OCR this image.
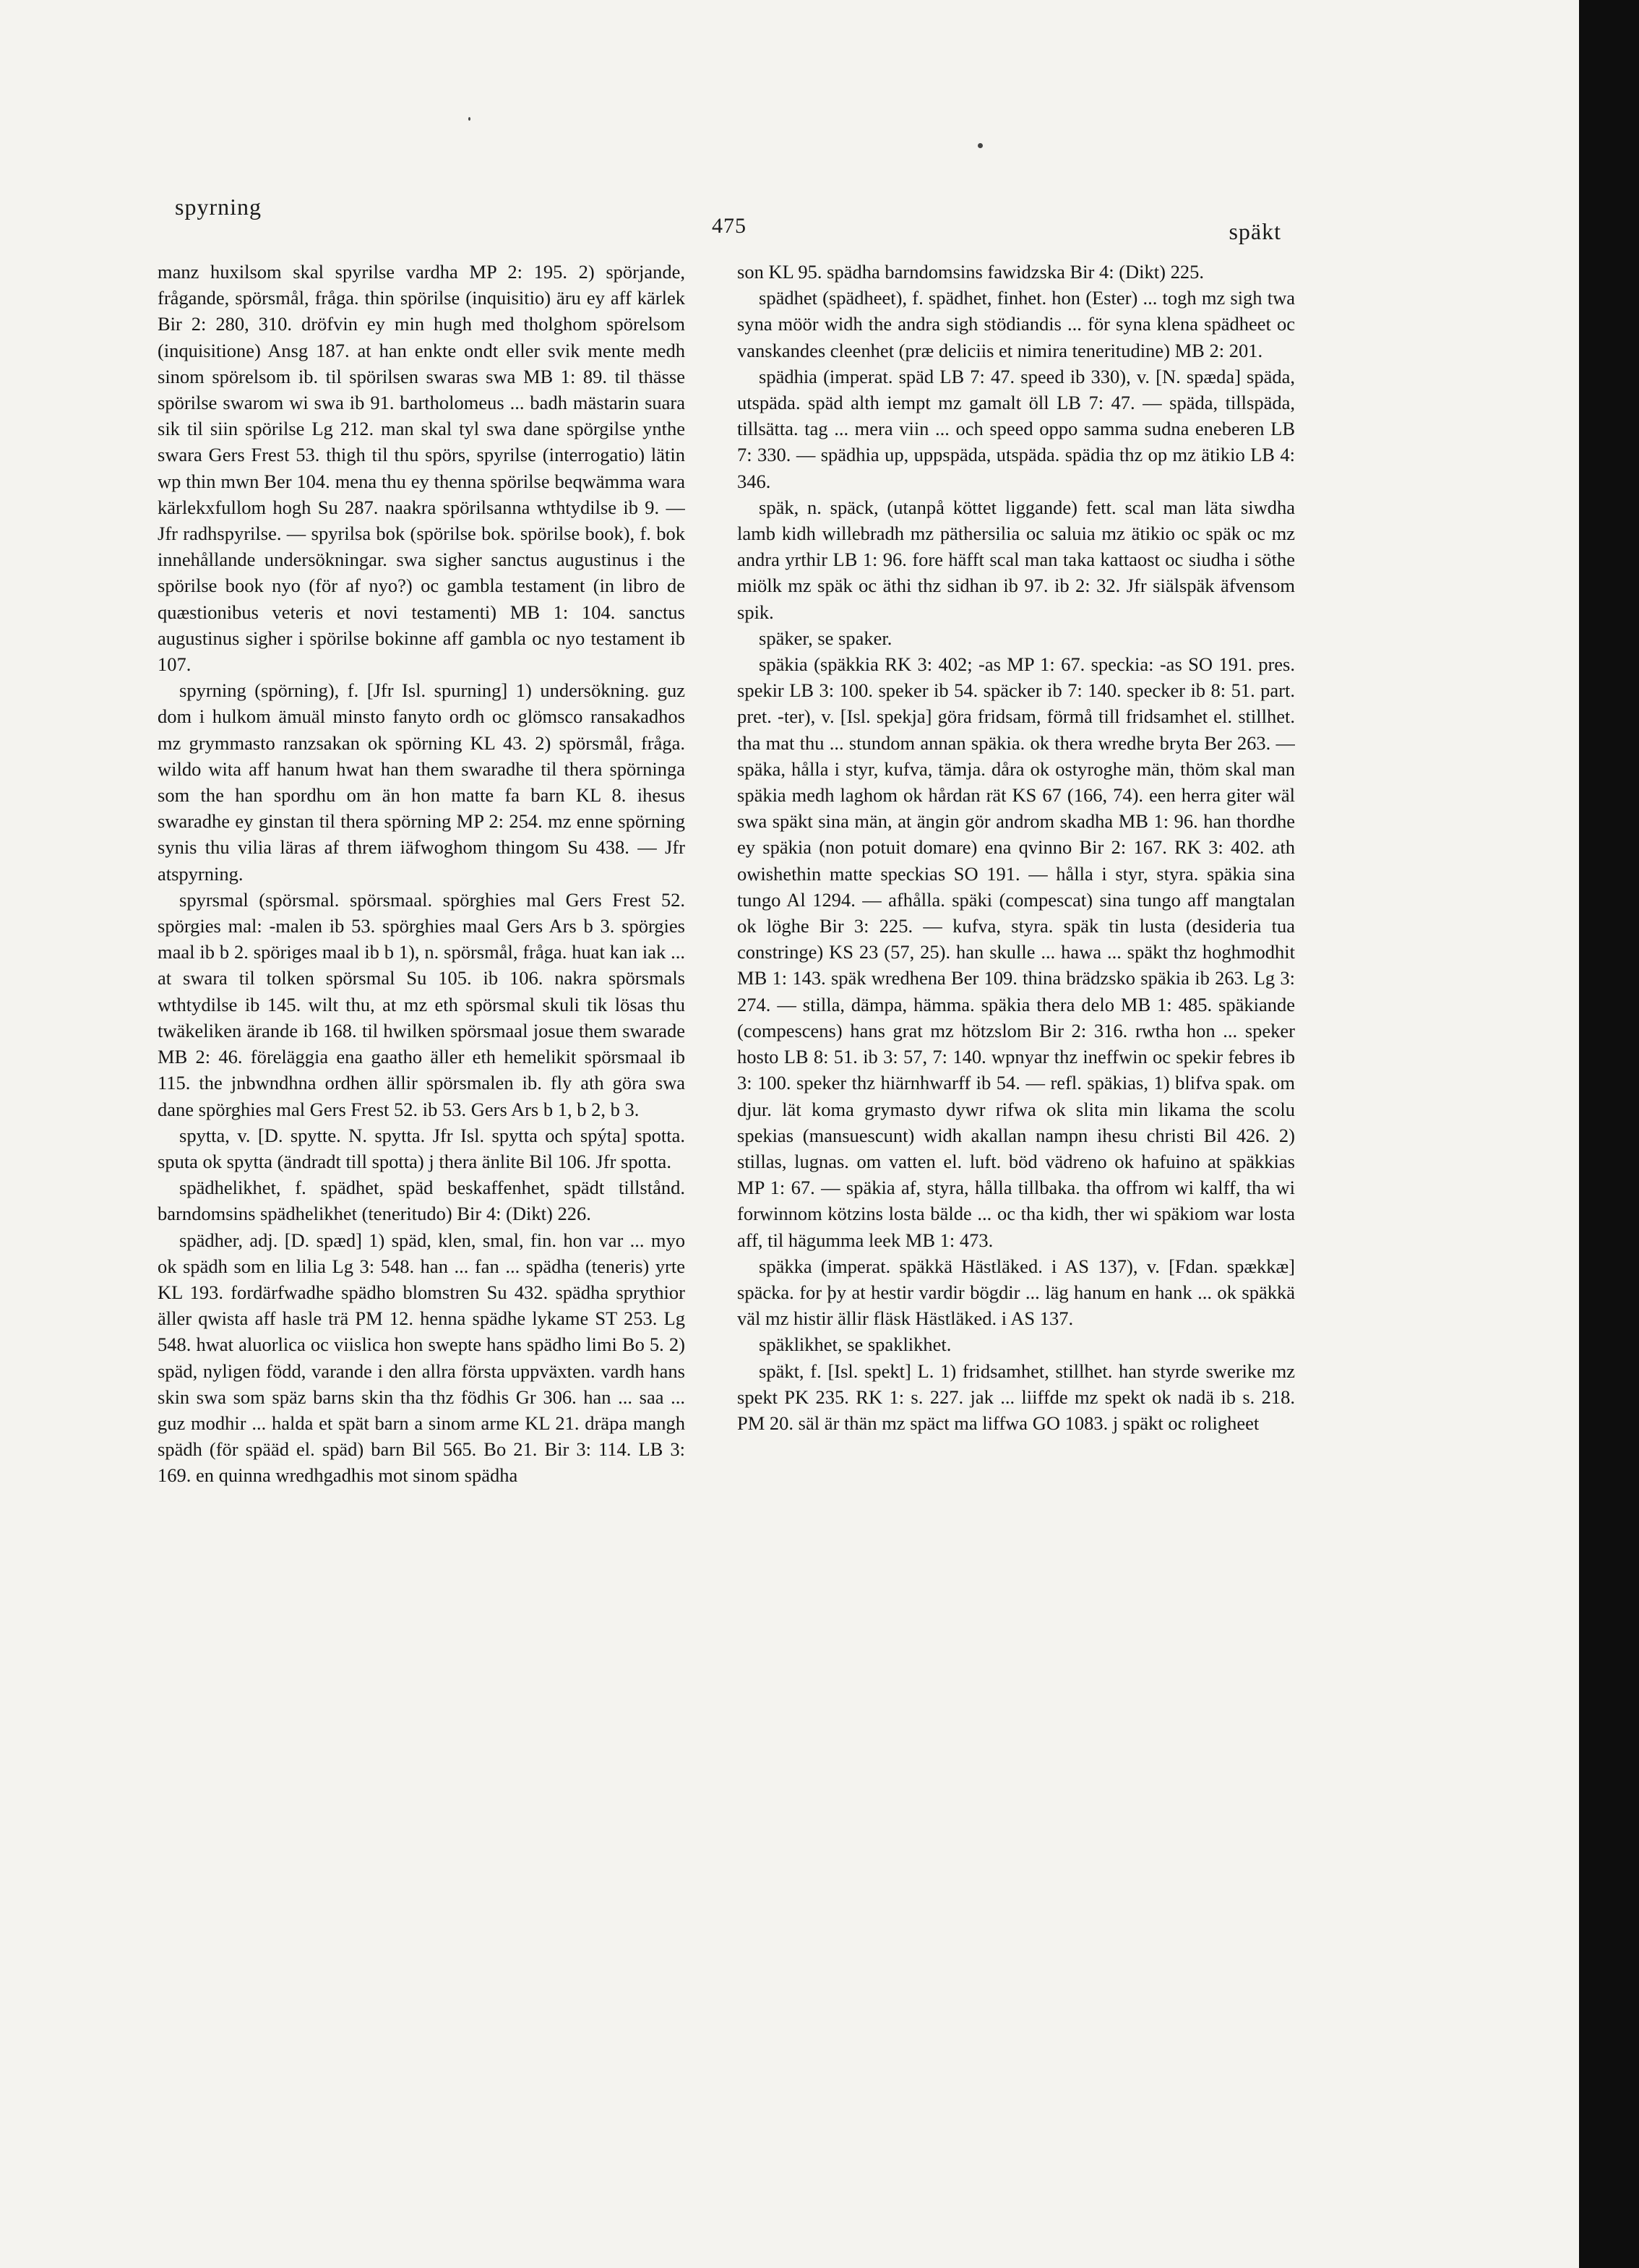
spyrning
475	späkt

manz huxilsom skal spyrilse vardha MP 2: 195. 2) spörjande, frågande, spörsmål, fråga. thin spörilse (inquisitio) äru ey aff kärlek Bir 2: 280, 310. dröfvin ey min hugh med tholghom spörelsom (inquisitione) Ansg 187. at han enkte ondt eller svik mente medh sinom spörelsom ib. til spörilsen swaras swa MB 1: 89. til thässe spörilse swarom wi swa ib 91. bartholomeus ... badh mästarin suara sik til siin spörilse Lg 212. man skal tyl swa dane spörgilse ynthe swara Gers Frest 53. thigh til thu spörs, spyrilse (interrogatio) lätin wp thin mwn Ber 104. mena thu ey thenna spörilse beqwämma wara kärlekxfullom hogh Su 287. naakra spörilsanna wthtydilse ib 9. — Jfr radhspyrilse. — spyrilsa bok (spörilse bok. spörilse book), f. bok innehållande undersökningar. swa sigher sanctus augustinus i the spörilse book nyo (för af nyo?) oc gambla testament (in libro de quæstionibus veteris et novi testamenti) MB 1: 104. sanctus augustinus sigher i spörilse bokinne aff gambla oc nyo testament ib 107.

spyrning (spörning), f. [Jfr Isl. spurning] 1) undersökning. guz dom i hulkom ämuäl minsto fanyto ordh oc glömsco ransakadhos mz grymmasto ranzsakan ok spörning KL 43. 2) spörsmål, fråga. wildo wita aff hanum hwat han them swaradhe til thera spörninga som the han spordhu om än hon matte fa barn KL 8. ihesus swaradhe ey ginstan til thera spörning MP 2: 254. mz enne spörning synis thu vilia läras af threm iäfwoghom thingom Su 438. — Jfr atspyrning.

spyrsmal (spörsmal. spörsmaal. spörghies mal Gers Frest 52. spörgies mal: -malen ib 53. spörghies maal Gers Ars b 3. spörgies maal ib b 2. spöriges maal ib b 1), n. spörsmål, fråga. huat kan iak ... at swara til tolken spörsmal Su 105. ib 106. nakra spörsmals wthtydilse ib 145. wilt thu, at mz eth spörsmal skuli tik lösas thu twäkeliken ärande ib 168. til hwilken spörsmaal josue them swarade MB 2: 46. föreläggia ena gaatho äller eth hemelikit spörsmaal ib 115. the jnbwndhna ordhen ällir spörsmalen ib. fly ath göra swa dane spörghies mal Gers Frest 52. ib 53. Gers Ars b 1, b 2, b 3.

spytta, v. [D. spytte. N. spytta. Jfr Isl. spytta och spýta] spotta. sputa ok spytta (ändradt till spotta) j thera änlite Bil 106. Jfr spotta.

spädhelikhet, f. spädhet, späd beskaffenhet, spädt tillstånd. barndomsins spädhelikhet (teneritudo) Bir 4: (Dikt) 226.

spädher, adj. [D. spæd] 1) späd, klen, smal, fin. hon var ... myo ok spädh som en lilia Lg 3: 548. han ... fan ... spädha (teneris) yrte KL 193. fordärfwadhe spädho blomstren Su 432. spädha sprythior äller qwista aff hasle trä PM 12. henna spädhe lykame ST 253. Lg 548. hwat aluorlica oc viislica hon swepte hans spädho limi Bo 5. 2) späd, nyligen född, varande i den allra första uppväxten. vardh hans skin swa som späz barns skin tha thz födhis Gr 306. han ... saa ... guz modhir ... halda et spät barn a sinom arme KL 21. dräpa mangh spädh (för spääd el. späd) barn Bil 565. Bo 21. Bir 3: 114. LB 3: 169. en quinna wredhgadhis mot sinom spädha

son KL 95. spädha barndomsins fawidzska Bir 4: (Dikt) 225.

spädhet (spädheet), f. spädhet, finhet. hon (Ester) ... togh mz sigh twa syna möör widh the andra sigh stödiandis ... för syna klena spädheet oc vanskandes cleenhet (præ deliciis et nimira teneritudine) MB 2: 201.

spädhia (imperat. späd LB 7: 47. speed ib 330), v. [N. spæda] späda, utspäda. späd alth iempt mz gamalt öll LB 7: 47. — späda, tillspäda, tillsätta. tag ... mera viin ... och speed oppo samma sudna eneberen LB 7: 330. — spädhia up, uppspäda, utspäda. spädia thz op mz ätikio LB 4: 346.

späk, n. späck, (utanpå köttet liggande) fett. scal man läta siwdha lamb kidh willebradh mz päthersilia oc saluia mz ätikio oc späk oc mz andra yrthir LB 1: 96. fore häfft scal man taka kattaost oc siudha i söthe miölk mz späk oc äthi thz sidhan ib 97. ib 2: 32. Jfr siälspäk äfvensom spik.

späker, se spaker.

späkia (späkkia RK 3: 402; -as MP 1: 67. speckia: -as SO 191. pres. spekir LB 3: 100. speker ib 54. späcker ib 7: 140. specker ib 8: 51. part. pret. -ter), v. [Isl. spekja] göra fridsam, förmå till fridsamhet el. stillhet. tha mat thu ... stundom annan späkia. ok thera wredhe bryta Ber 263. — späka, hålla i styr, kufva, tämja. dåra ok ostyroghe män, thöm skal man späkia medh laghom ok hårdan rät KS 67 (166, 74). een herra giter wäl swa späkt sina män, at ängin gör androm skadha MB 1: 96. han thordhe ey späkia (non potuit domare) ena qvinno Bir 2: 167. RK 3: 402. ath owishethin matte speckias SO 191. — hålla i styr, styra. späkia sina tungo Al 1294. — afhålla. späki (compescat) sina tungo aff mangtalan ok löghe Bir 3: 225. — kufva, styra. späk tin lusta (desideria tua constringe) KS 23 (57, 25). han skulle ... hawa ... späkt thz hoghmodhit MB 1: 143. späk wredhena Ber 109. thina brädzsko späkia ib 263. Lg 3: 274. — stilla, dämpa, hämma. späkia thera delo MB 1: 485. späkiande (compescens) hans grat mz hötzslom Bir 2: 316. rwtha hon ... speker hosto LB 8: 51. ib 3: 57, 7: 140. wpnyar thz ineffwin oc spekir febres ib 3: 100. speker thz hiärnhwarff ib 54. — refl. späkias, 1) blifva spak. om djur. lät koma grymasto dywr rifwa ok slita min likama the scolu spekias (mansuescunt) widh akallan nampn ihesu christi Bil 426. 2) stillas, lugnas. om vatten el. luft. böd vädreno ok hafuino at späkkias MP 1: 67. — späkia af, styra, hålla tillbaka. tha offrom wi kalff, tha wi forwinnom kötzins losta bälde ... oc tha kidh, ther wi späkiom war losta aff, til hägumma leek MB 1: 473.

späkka (imperat. späkkä Hästläked. i AS 137), v. [Fdan. spækkæ] späcka. for þy at hestir vardir bögdir ... läg hanum en hank ... ok späkkä väl mz histir ällir fläsk Hästläked. i AS 137.

späklikhet, se spaklikhet.

späkt, f. [Isl. spekt] L. 1) fridsamhet, stillhet. han styrde swerike mz spekt PK 235. RK 1: s. 227. jak ... liiffde mz spekt ok nadä ib s. 218. PM 20. säl är thän mz späct ma liffwa GO 1083. j späkt oc roligheet
